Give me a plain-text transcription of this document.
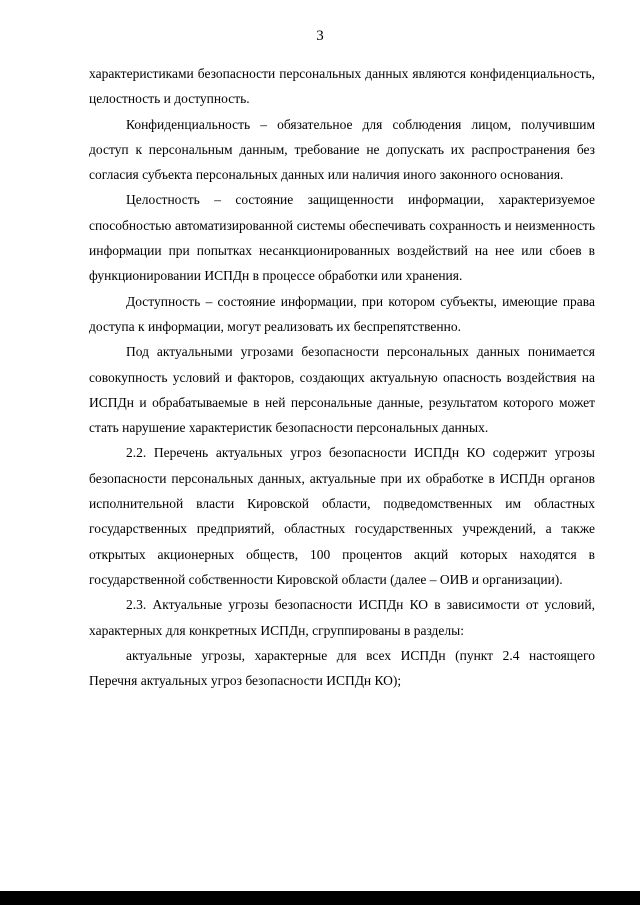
3

характеристиками безопасности персональных данных являются конфиденциальность, целостность и доступность.

Конфиденциальность – обязательное для соблюдения лицом, получившим доступ к персональным данным, требование не допускать их распространения без согласия субъекта персональных данных или наличия иного законного основания.

Целостность – состояние защищенности информации, характеризуемое способностью автоматизированной системы обеспечивать сохранность и неизменность информации при попытках несанкционированных воздействий на нее или сбоев в функционировании ИСПДн в процессе обработки или хранения.

Доступность – состояние информации, при котором субъекты, имеющие права доступа к информации, могут реализовать их беспрепятственно.

Под актуальными угрозами безопасности персональных данных понимается совокупность условий и факторов, создающих актуальную опасность воздействия на ИСПДн и обрабатываемые в ней персональные данные, результатом которого может стать нарушение характеристик безопасности персональных данных.

2.2. Перечень актуальных угроз безопасности ИСПДн КО содержит угрозы безопасности персональных данных, актуальные при их обработке в ИСПДн органов исполнительной власти Кировской области, подведомственных им областных государственных предприятий, областных государственных учреждений, а также открытых акционерных обществ, 100 процентов акций которых находятся в государственной собственности Кировской области (далее – ОИВ и организации).

2.3. Актуальные угрозы безопасности ИСПДн КО в зависимости от условий, характерных для конкретных ИСПДн, сгруппированы в разделы:

актуальные угрозы, характерные для всех ИСПДн (пункт 2.4 настоящего Перечня актуальных угроз безопасности ИСПДн КО);
